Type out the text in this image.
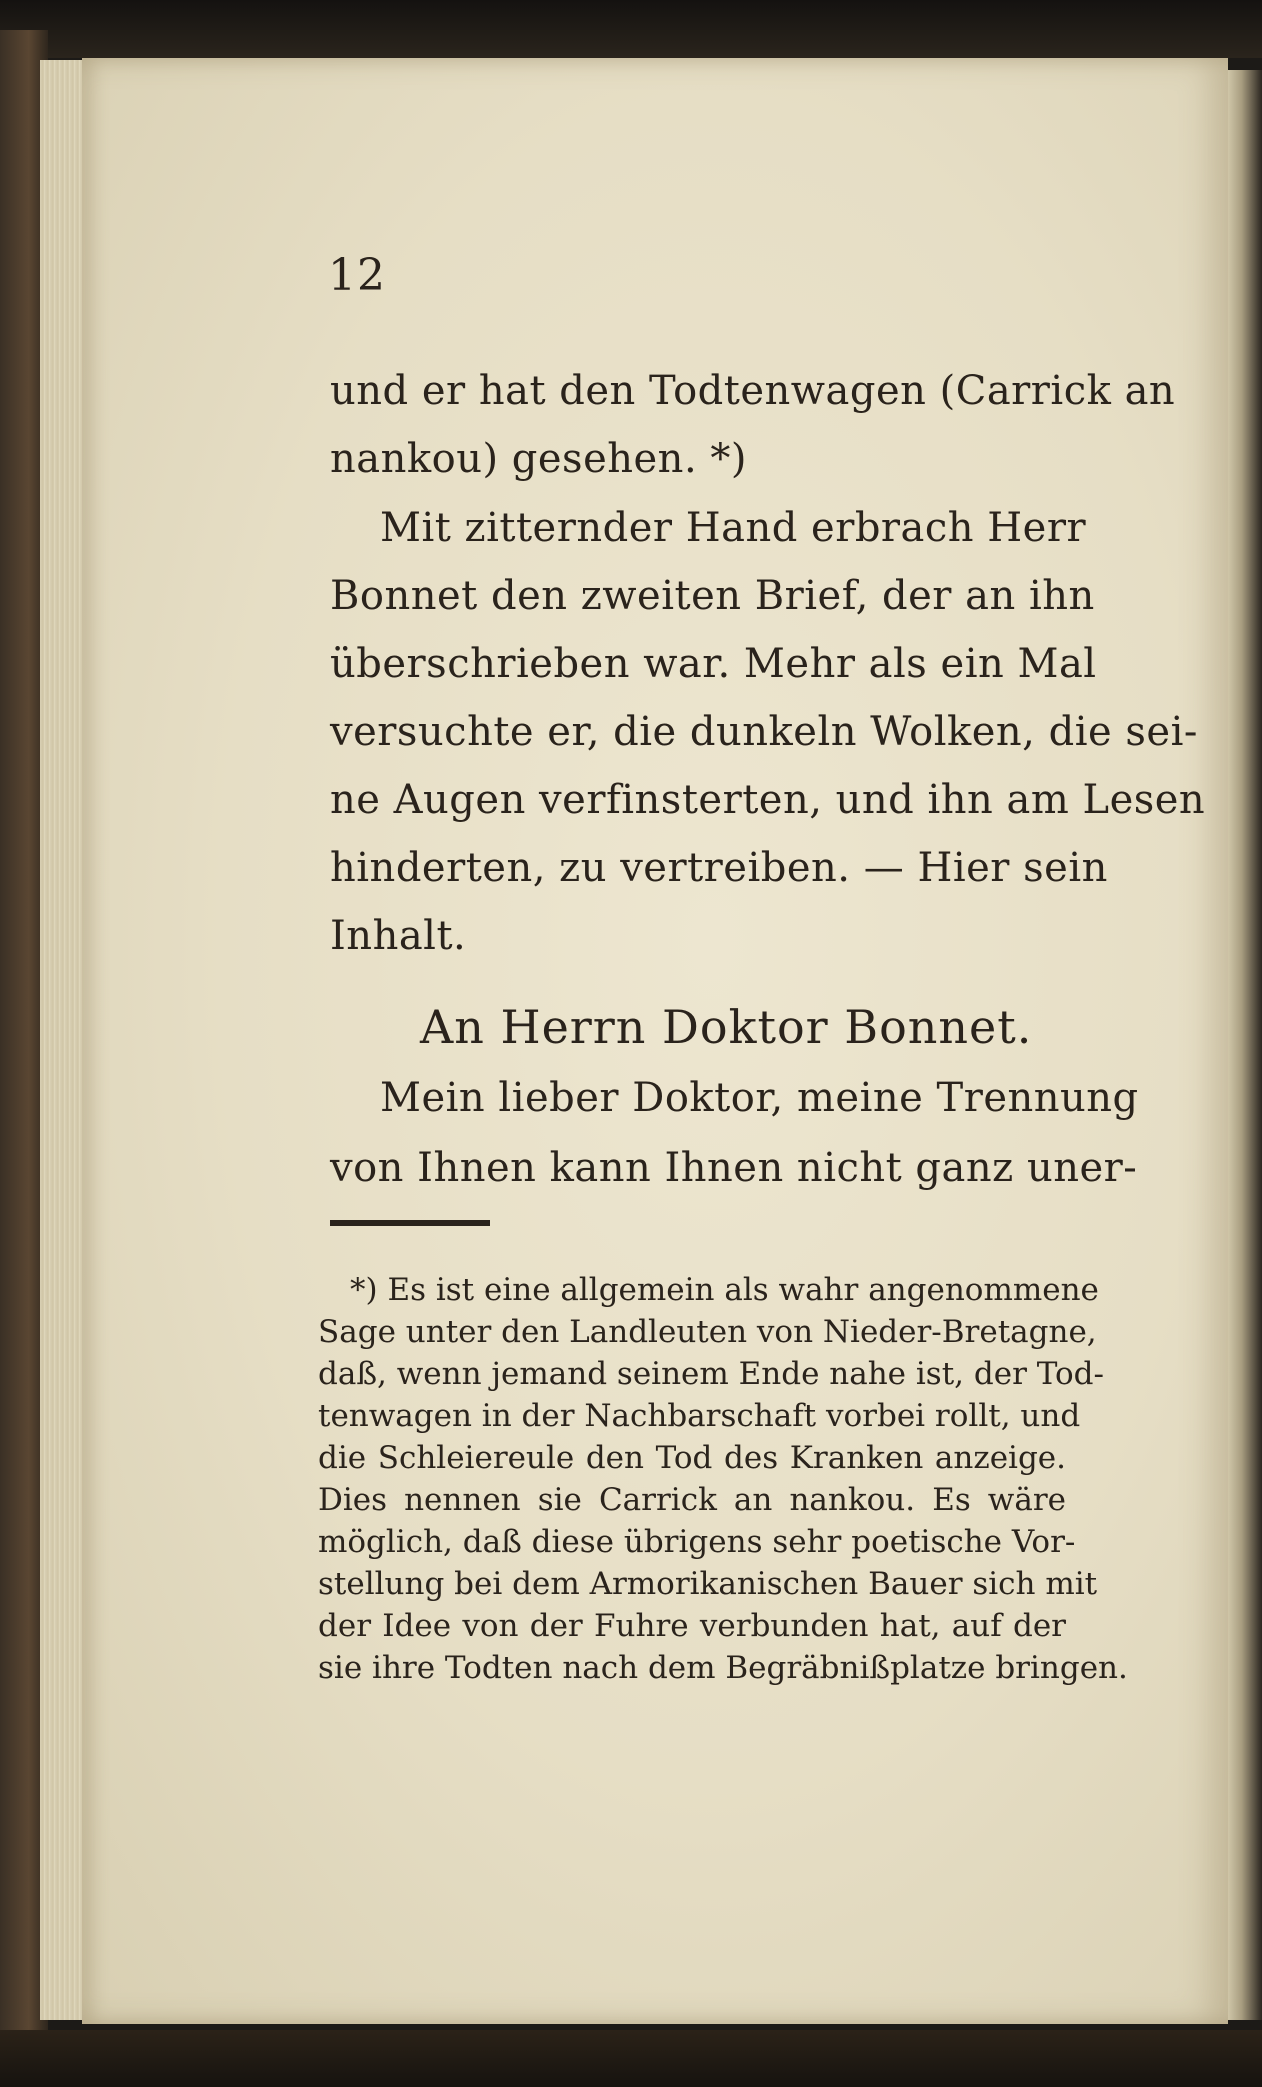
12
und er hat den Todtenwagen (Carrick an
nankou) gesehen. *)
Mit zitternder Hand erbrach Herr
Bonnet den zweiten Brief, der an ihn
überschrieben war. Mehr als ein Mal
versuchte er, die dunkeln Wolken, die sei-
ne Augen verfinsterten, und ihn am Lesen
hinderten, zu vertreiben. — Hier sein
Inhalt.
An Herrn Doktor Bonnet.
Mein lieber Doktor, meine Trennung
von Ihnen kann Ihnen nicht ganz uner-
*) Es ist eine allgemein als wahr angenommene
Sage unter den Landleuten von Nieder-Bretagne,
daß, wenn jemand seinem Ende nahe ist, der Tod-
tenwagen in der Nachbarschaft vorbei rollt, und
die Schleiereule den Tod des Kranken anzeige.
Dies nennen sie Carrick an nankou. Es wäre
möglich, daß diese übrigens sehr poetische Vor-
stellung bei dem Armorikanischen Bauer sich mit
der Idee von der Fuhre verbunden hat, auf der
sie ihre Todten nach dem Begräbnißplatze bringen.
